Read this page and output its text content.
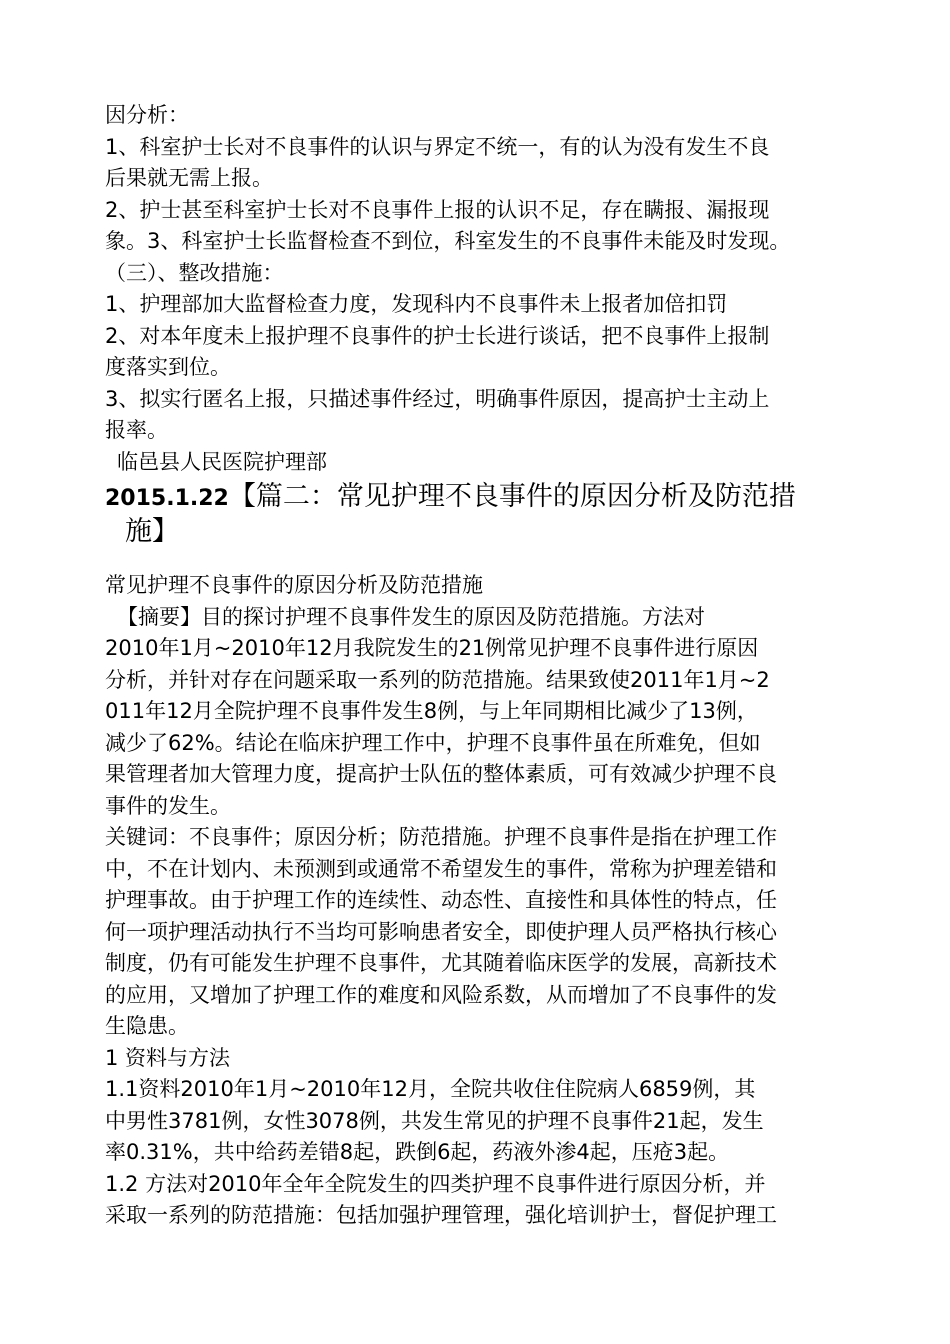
因分析：

1、科室护士长对不良事件的认识与界定不统一，有的认为没有发生不良

后果就无需上报。

2、护士甚至科室护士长对不良事件上报的认识不足，存在瞒报、漏报现

象。3、科室护士长监督检查不到位，科室发生的不良事件未能及时发现。

（三）、整改措施：

1、护理部加大监督检查力度，发现科内不良事件未上报者加倍扣罚

2、对本年度未上报护理不良事件的护士长进行谈话，把不良事件上报制

度落实到位。

3、拟实行匿名上报，只描述事件经过，明确事件原因，提高护士主动上

报率。

临邑县人民医院护理部

2015.1.22【篇二：常见护理不良事件的原因分析及防范措
施】

常见护理不良事件的原因分析及防范措施

【摘要】目的探讨护理不良事件发生的原因及防范措施。方法对

2010年1月~2010年12月我院发生的21例常见护理不良事件进行原因

分析，并针对存在问题采取一系列的防范措施。结果致使2011年1月~2

011年12月全院护理不良事件发生8例，与上年同期相比减少了13例，

减少了62%。结论在临床护理工作中，护理不良事件虽在所难免，但如

果管理者加大管理力度，提高护士队伍的整体素质，可有效减少护理不良

事件的发生。

关键词：不良事件；原因分析；防范措施。护理不良事件是指在护理工作

中，不在计划内、未预测到或通常不希望发生的事件，常称为护理差错和

护理事故。由于护理工作的连续性、动态性、直接性和具体性的特点，任

何一项护理活动执行不当均可影响患者安全，即使护理人员严格执行核心

制度，仍有可能发生护理不良事件，尤其随着临床医学的发展，高新技术

的应用，又增加了护理工作的难度和风险系数，从而增加了不良事件的发

生隐患。

1 资料与方法

1.1资料2010年1月~2010年12月，全院共收住住院病人6859例，其

中男性3781例，女性3078例，共发生常见的护理不良事件21起，发生

率0.31%，共中给药差错8起，跌倒6起，药液外渗4起，压疮3起。

1.2 方法对2010年全年全院发生的四类护理不良事件进行原因分析，并

采取一系列的防范措施：包括加强护理管理，强化培训护士，督促护理工
